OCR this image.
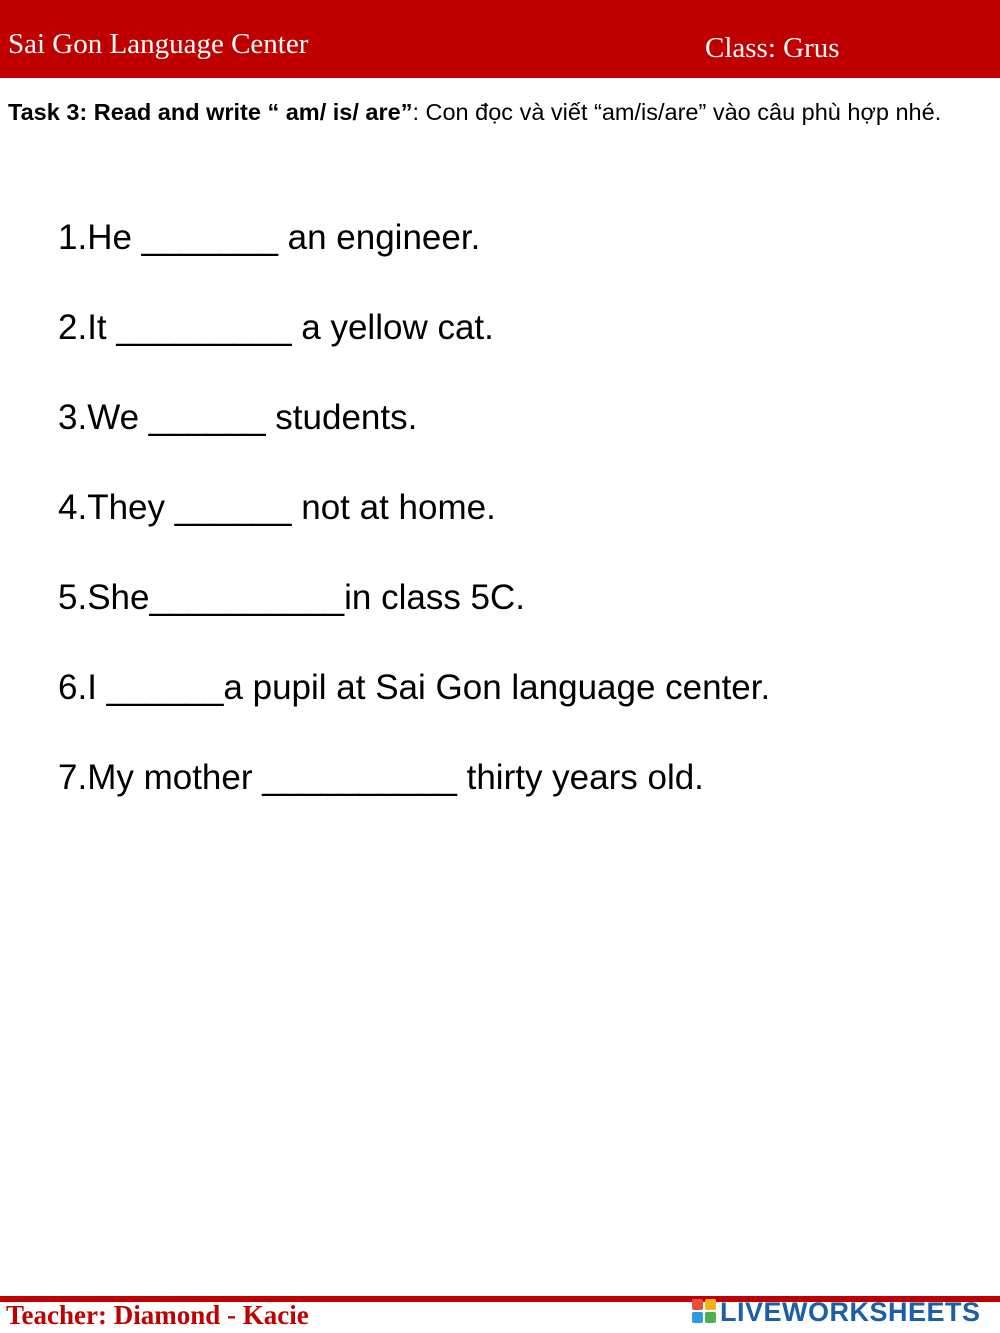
Sai Gon Language Center	Class: Grus
Task 3: Read and write “ am/ is/ are”: Con đọc và viết “am/is/are” vào câu phù hợp nhé.
1.He _______ an engineer.
2.It _________ a yellow cat.
3.We ______ students.
4.They ______ not at home.
5.She__________in class 5C.
6.I ______a pupil at Sai Gon language center.
7.My mother __________ thirty years old.
Teacher: Diamond - Kacie	LIVEWORKSHEETS
